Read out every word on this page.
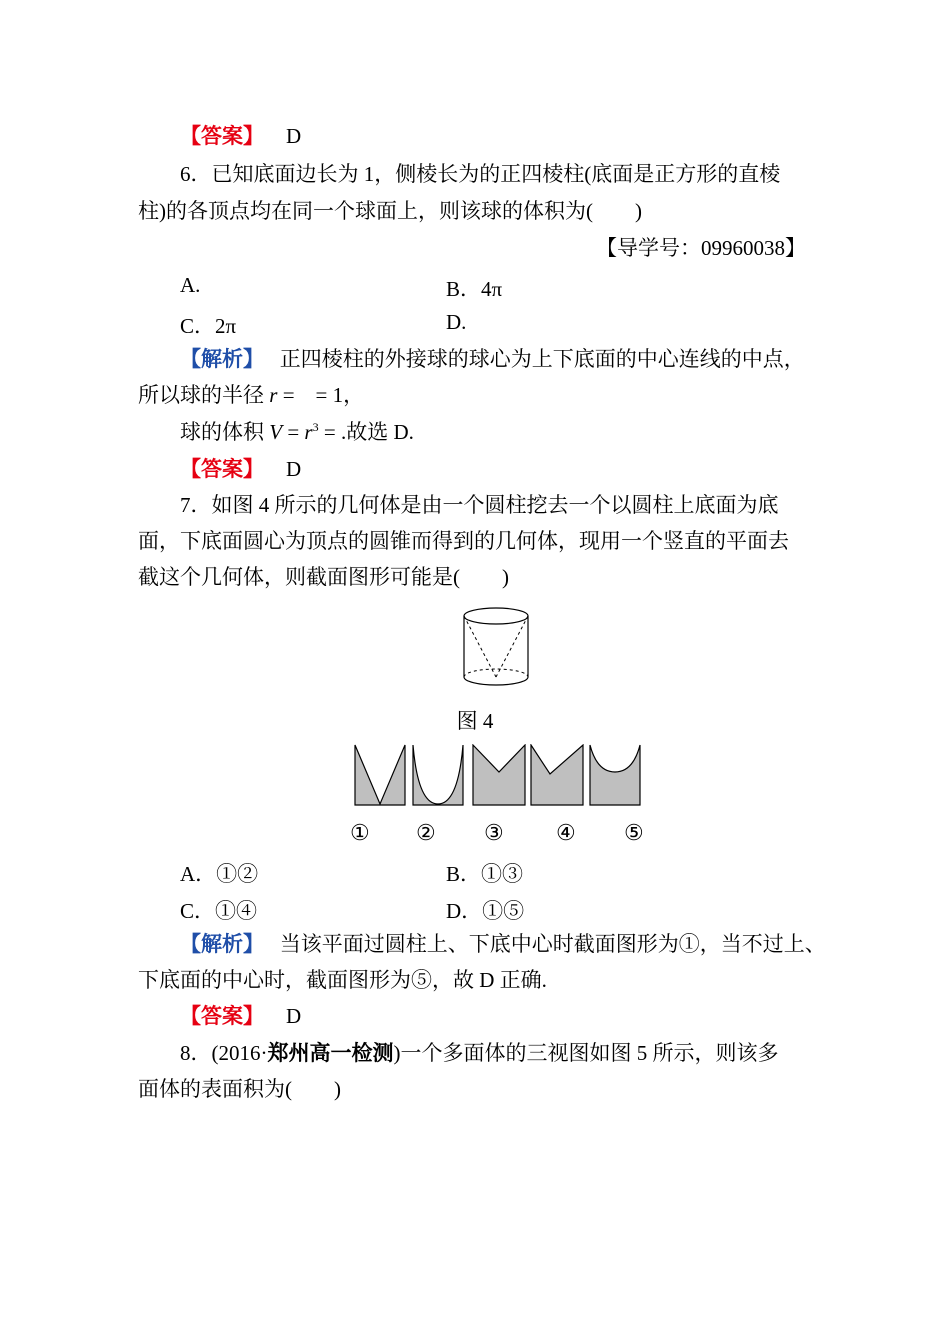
【答案】 D
6．已知底面边长为 1，侧棱长为的正四棱柱(底面是正方形的直棱
柱)的各顶点均在同一个球面上，则该球的体积为(　　)
【导学号：09960038】
A.	B．4π
C．2π	D.
【解析】 正四棱柱的外接球的球心为上下底面的中心连线的中点，
所以球的半径 r =　= 1，
球的体积 $V = r^3$ = .故选 D.
【答案】 D
7．如图 4 所示的几何体是由一个圆柱挖去一个以圆柱上底面为底
面，下底面圆心为顶点的圆锥而得到的几何体，现用一个竖直的平面去
截这个几何体，则截面图形可能是(　　)
图 4
① ② ③ ④ ⑤
A．①②	B．①③
C．①④	D．①⑤
【解析】 当该平面过圆柱上、下底中心时截面图形为①，当不过上、
下底面的中心时，截面图形为⑤，故 D 正确.
【答案】 D
8．(2016·郑州高一检测)一个多面体的三视图如图 5 所示，则该多
面体的表面积为(　　)
